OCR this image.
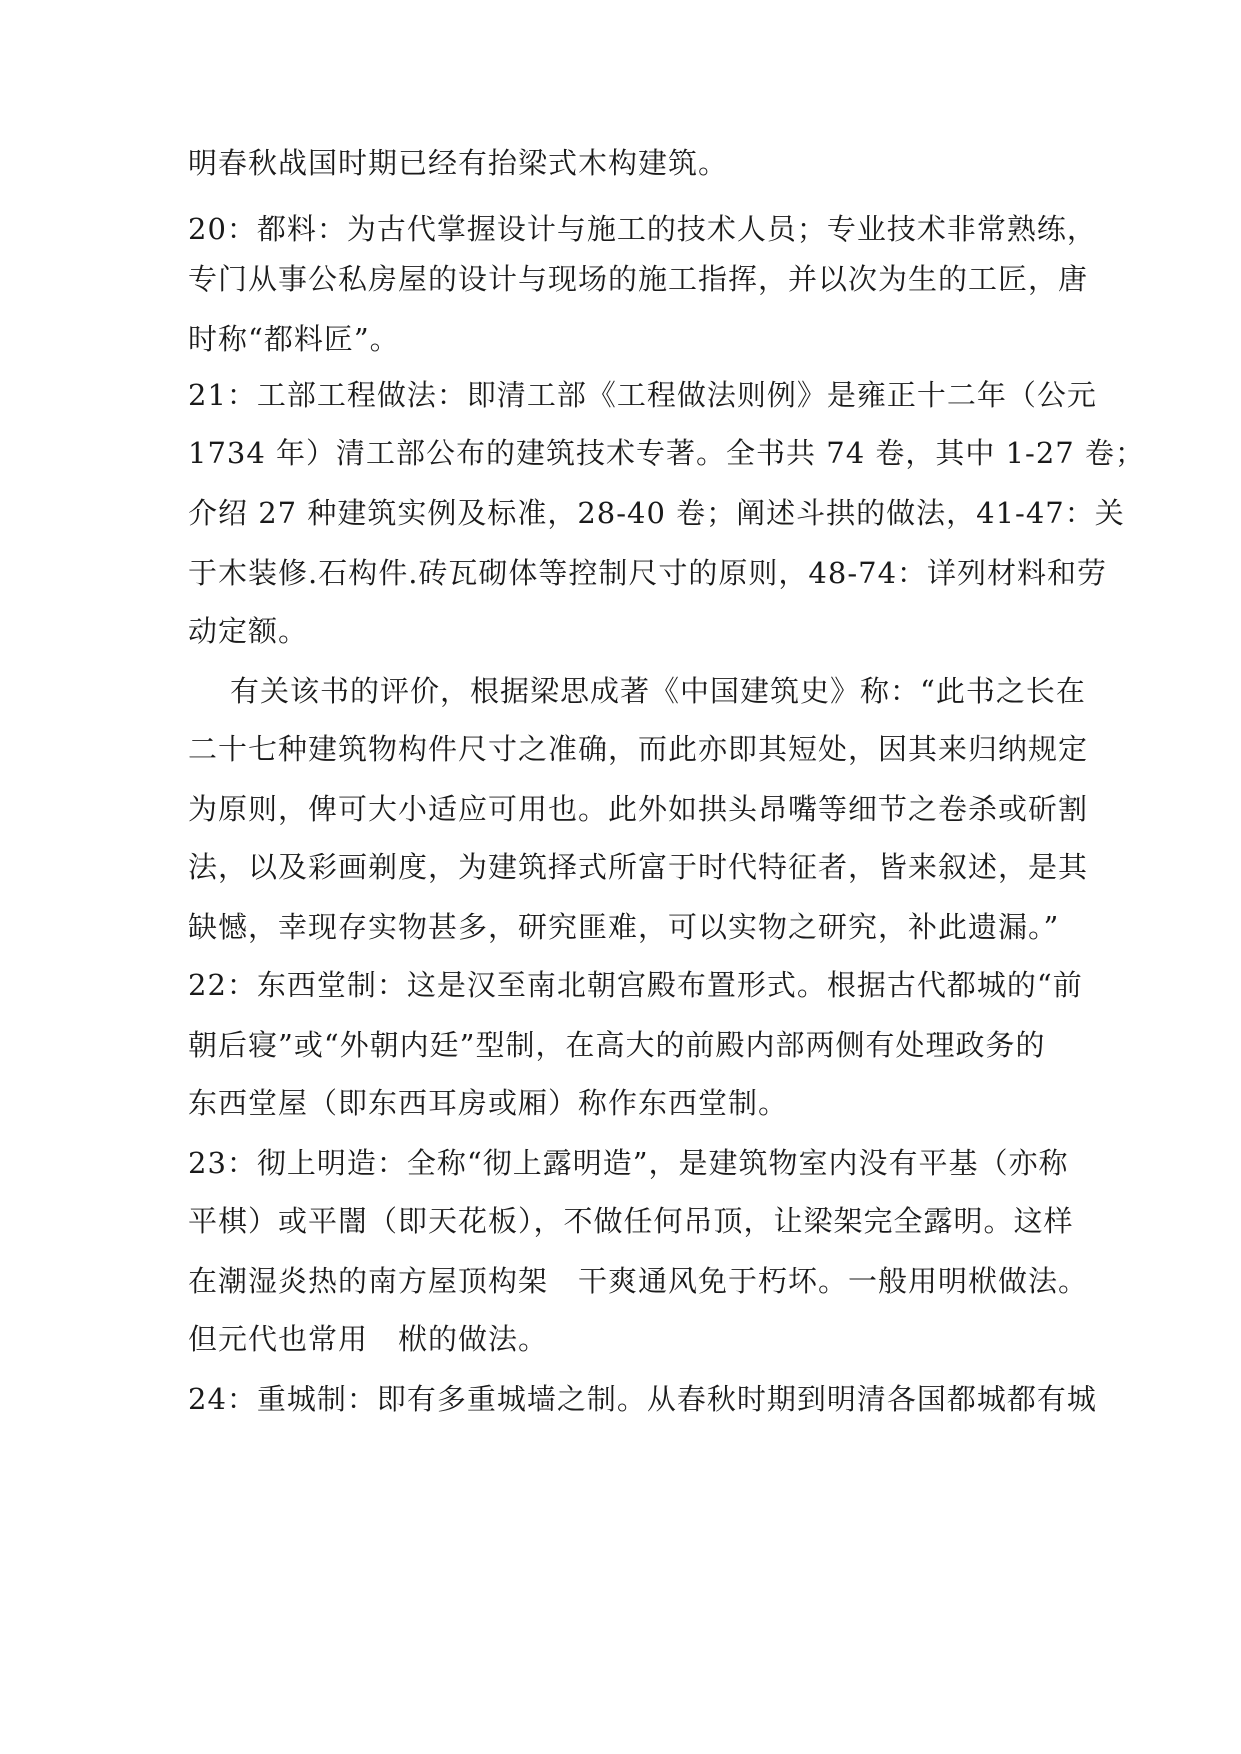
明春秋战国时期已经有抬梁式木构建筑。
20：都料：为古代掌握设计与施工的技术人员；专业技术非常熟练，
专门从事公私房屋的设计与现场的施工指挥，并以次为生的工匠，唐
时称“都料匠”。
21：工部工程做法：即清工部《工程做法则例》是雍正十二年（公元
1734 年）清工部公布的建筑技术专著。全书共 74 卷，其中 1-27 卷；
介绍 27 种建筑实例及标准，28-40 卷；阐述斗拱的做法，41-47：关
于木装修.石构件.砖瓦砌体等控制尺寸的原则，48-74：详列材料和劳
动定额。
有关该书的评价，根据梁思成著《中国建筑史》称：“此书之长在
二十七种建筑物构件尺寸之准确，而此亦即其短处，因其来归纳规定
为原则，俾可大小适应可用也。此外如拱头昂嘴等细节之卷杀或斫割
法，以及彩画剃度，为建筑择式所富于时代特征者，皆来叙述，是其
缺憾，幸现存实物甚多，研究匪难，可以实物之研究，补此遗漏。”
22：东西堂制：这是汉至南北朝宫殿布置形式。根据古代都城的“前
朝后寝”或“外朝内廷”型制，在高大的前殿内部两侧有处理政务的
东西堂屋（即东西耳房或厢）称作东西堂制。
23：彻上明造：全称“彻上露明造”，是建筑物室内没有平基（亦称
平棋）或平闇（即天花板），不做任何吊顶，让梁架完全露明。这样
在潮湿炎热的南方屋顶构架　干爽通风免于朽坏。一般用明栿做法。
但元代也常用　栿的做法。
24：重城制：即有多重城墙之制。从春秋时期到明清各国都城都有城
